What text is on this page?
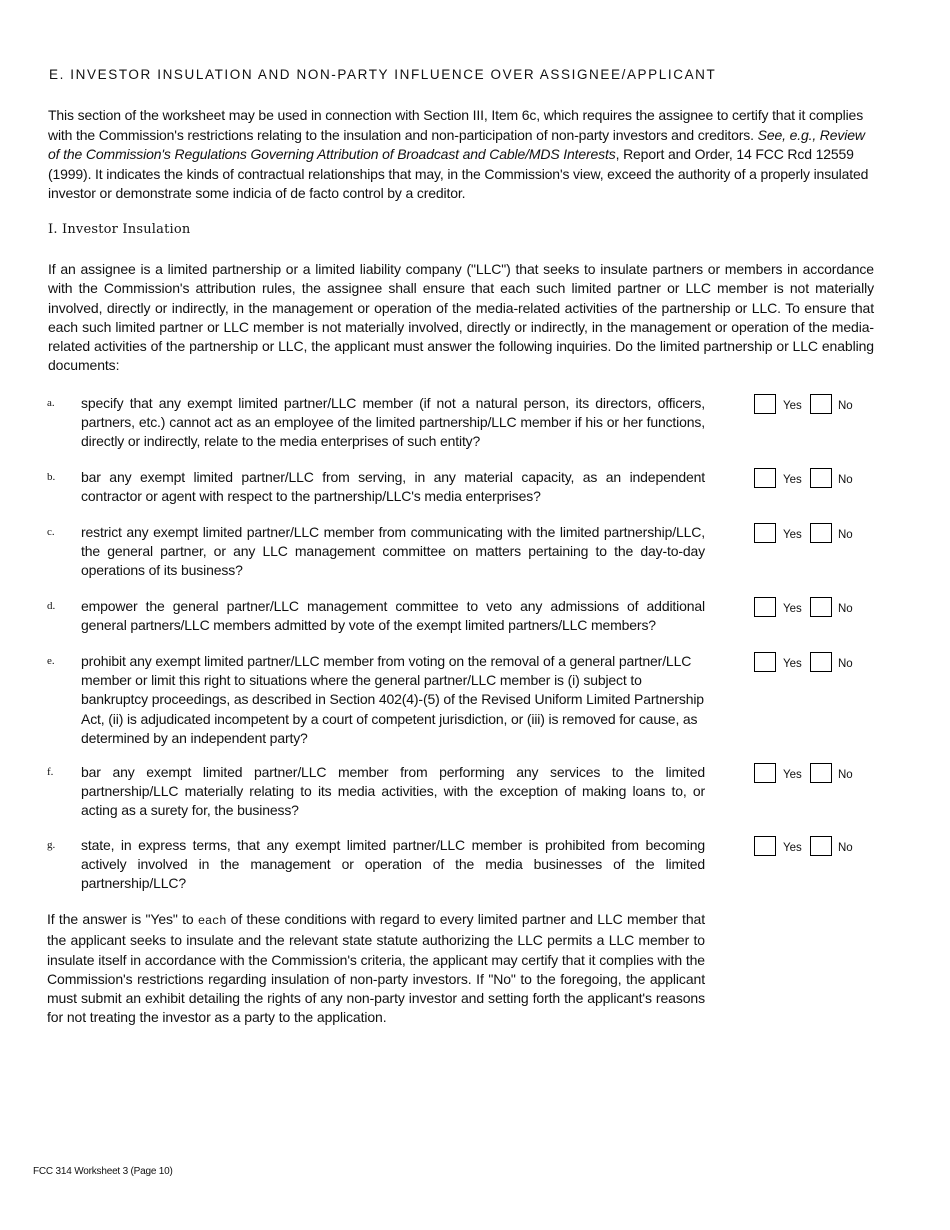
E. INVESTOR INSULATION AND NON-PARTY INFLUENCE OVER ASSIGNEE/APPLICANT
This section of the worksheet may be used in connection with Section III, Item 6c, which requires the assignee to certify that it complies with the Commission's restrictions relating to the insulation and non-participation of non-party investors and creditors. See, e.g., Review of the Commission's Regulations Governing Attribution of Broadcast and Cable/MDS Interests, Report and Order, 14 FCC Rcd 12559 (1999). It indicates the kinds of contractual relationships that may, in the Commission's view, exceed the authority of a properly insulated investor or demonstrate some indicia of de facto control by a creditor.
I. Investor Insulation
If an assignee is a limited partnership or a limited liability company ("LLC") that seeks to insulate partners or members in accordance with the Commission's attribution rules, the assignee shall ensure that each such limited partner or LLC member is not materially involved, directly or indirectly, in the management or operation of the media-related activities of the partnership or LLC. To ensure that each such limited partner or LLC member is not materially involved, directly or indirectly, in the management or operation of the media-related activities of the partnership or LLC, the applicant must answer the following inquiries. Do the limited partnership or LLC enabling documents:
a. specify that any exempt limited partner/LLC member (if not a natural person, its directors, officers, partners, etc.) cannot act as an employee of the limited partnership/LLC member if his or her functions, directly or indirectly, relate to the media enterprises of such entity?
Yes	No
b. bar any exempt limited partner/LLC from serving, in any material capacity, as an independent contractor or agent with respect to the partnership/LLC's media enterprises?
Yes	No
c. restrict any exempt limited partner/LLC member from communicating with the limited partnership/LLC, the general partner, or any LLC management committee on matters pertaining to the day-to-day operations of its business?
Yes	No
d. empower the general partner/LLC management committee to veto any admissions of additional general partners/LLC members admitted by vote of the exempt limited partners/LLC members?
Yes	No
e. prohibit any exempt limited partner/LLC member from voting on the removal of a general partner/LLC member or limit this right to situations where the general partner/LLC member is (i) subject to bankruptcy proceedings, as described in Section 402(4)-(5) of the Revised Uniform Limited Partnership Act, (ii) is adjudicated incompetent by a court of competent jurisdiction, or (iii) is removed for cause, as determined by an independent party?
Yes	No
f. bar any exempt limited partner/LLC member from performing any services to the limited partnership/LLC materially relating to its media activities, with the exception of making loans to, or acting as a surety for, the business?
Yes	No
g. state, in express terms, that any exempt limited partner/LLC member is prohibited from becoming actively involved in the management or operation of the media businesses of the limited partnership/LLC?
Yes	No
If the answer is "Yes" to each of these conditions with regard to every limited partner and LLC member that the applicant seeks to insulate and the relevant state statute authorizing the LLC permits a LLC member to insulate itself in accordance with the Commission's criteria, the applicant may certify that it complies with the Commission's restrictions regarding insulation of non-party investors. If "No" to the foregoing, the applicant must submit an exhibit detailing the rights of any non-party investor and setting forth the applicant's reasons for not treating the investor as a party to the application.
FCC 314 Worksheet 3 (Page 10)
